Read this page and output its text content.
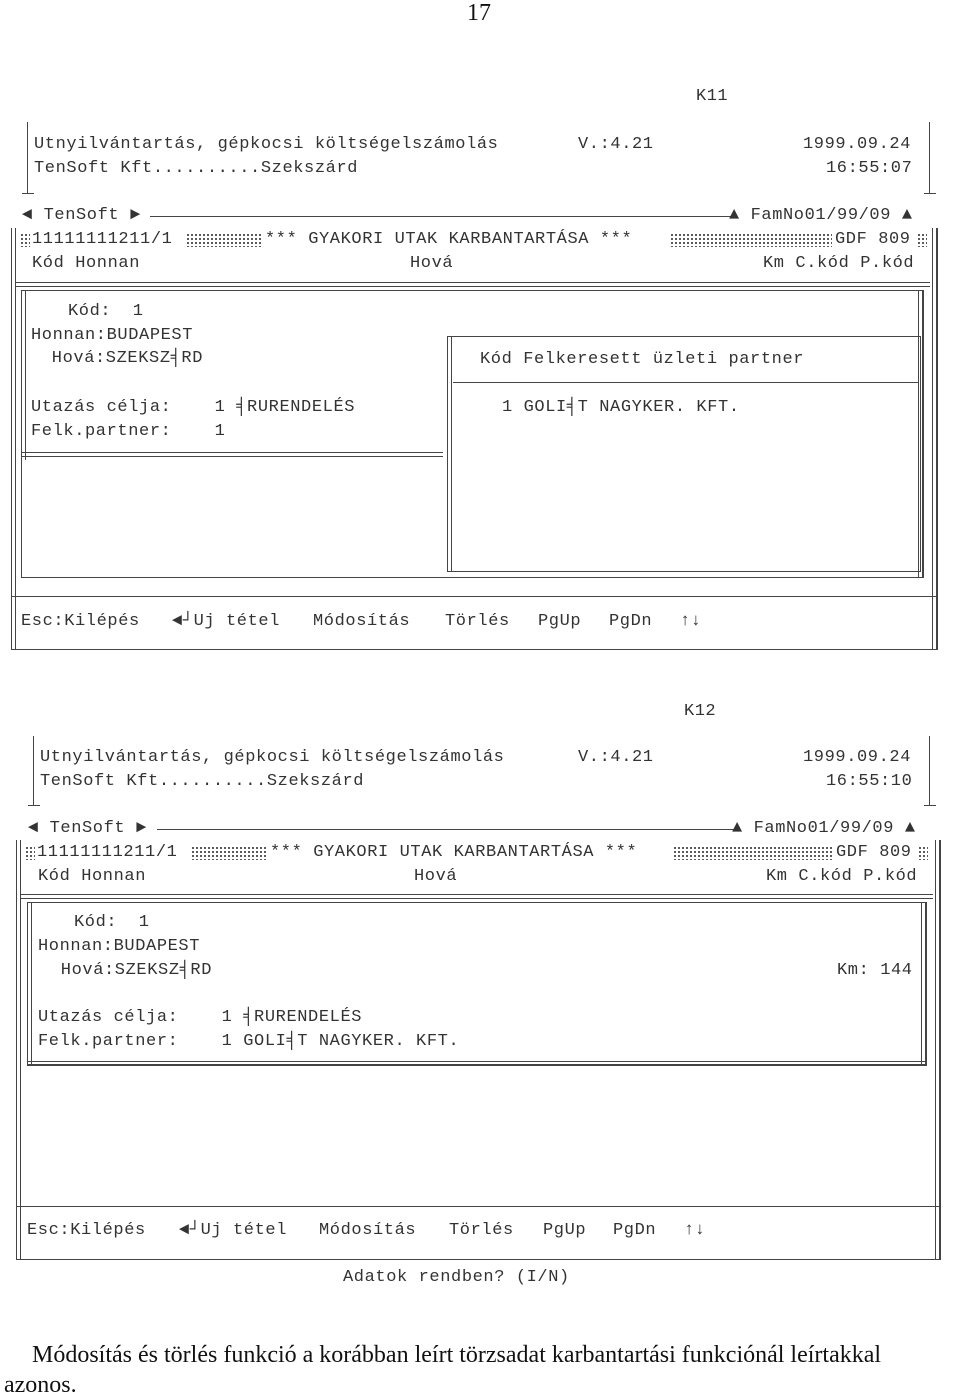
17
K11
Utnyilvántartás, gépkocsi költségelszámolás	V.:4.21	1999.09.24
TenSoft Kft..........Szekszárd	16:55:07
◄ TenSoft ►	▲ FamNo01/99/09 ▲
11111111211/1	*** GYAKORI UTAK KARBANTARTÁSA ***	GDF 809
Kód Honnan	Hová	Km C.kód P.kód
Kód:  1
Honnan:BUDAPEST
Hová:SZEKSZ╡RD
Utazás célja:    1 ╡RURENDELÉS
Felk.partner:    1
Kód Felkeresett üzleti partner
1 GOLI╡T NAGYKER. KFT.
Esc:Kilépés ◄┘Uj tétel Módosítás Törlés PgUp PgDn ↑↓
K12
Utnyilvántartás, gépkocsi költségelszámolás	V.:4.21	1999.09.24
TenSoft Kft..........Szekszárd	16:55:10
◄ TenSoft ►	▲ FamNo01/99/09 ▲
11111111211/1	*** GYAKORI UTAK KARBANTARTÁSA ***	GDF 809
Kód Honnan	Hová	Km C.kód P.kód
Kód:  1
Honnan:BUDAPEST
Hová:SZEKSZ╡RD	Km: 144
Utazás célja:    1 ╡RURENDELÉS
Felk.partner:    1 GOLI╡T NAGYKER. KFT.
Esc:Kilépés ◄┘Uj tétel Módosítás Törlés PgUp PgDn ↑↓
Adatok rendben? (I/N)
Módosítás és törlés funkció a korábban leírt törzsadat karbantartási funkciónál leírtakkal azonos.
